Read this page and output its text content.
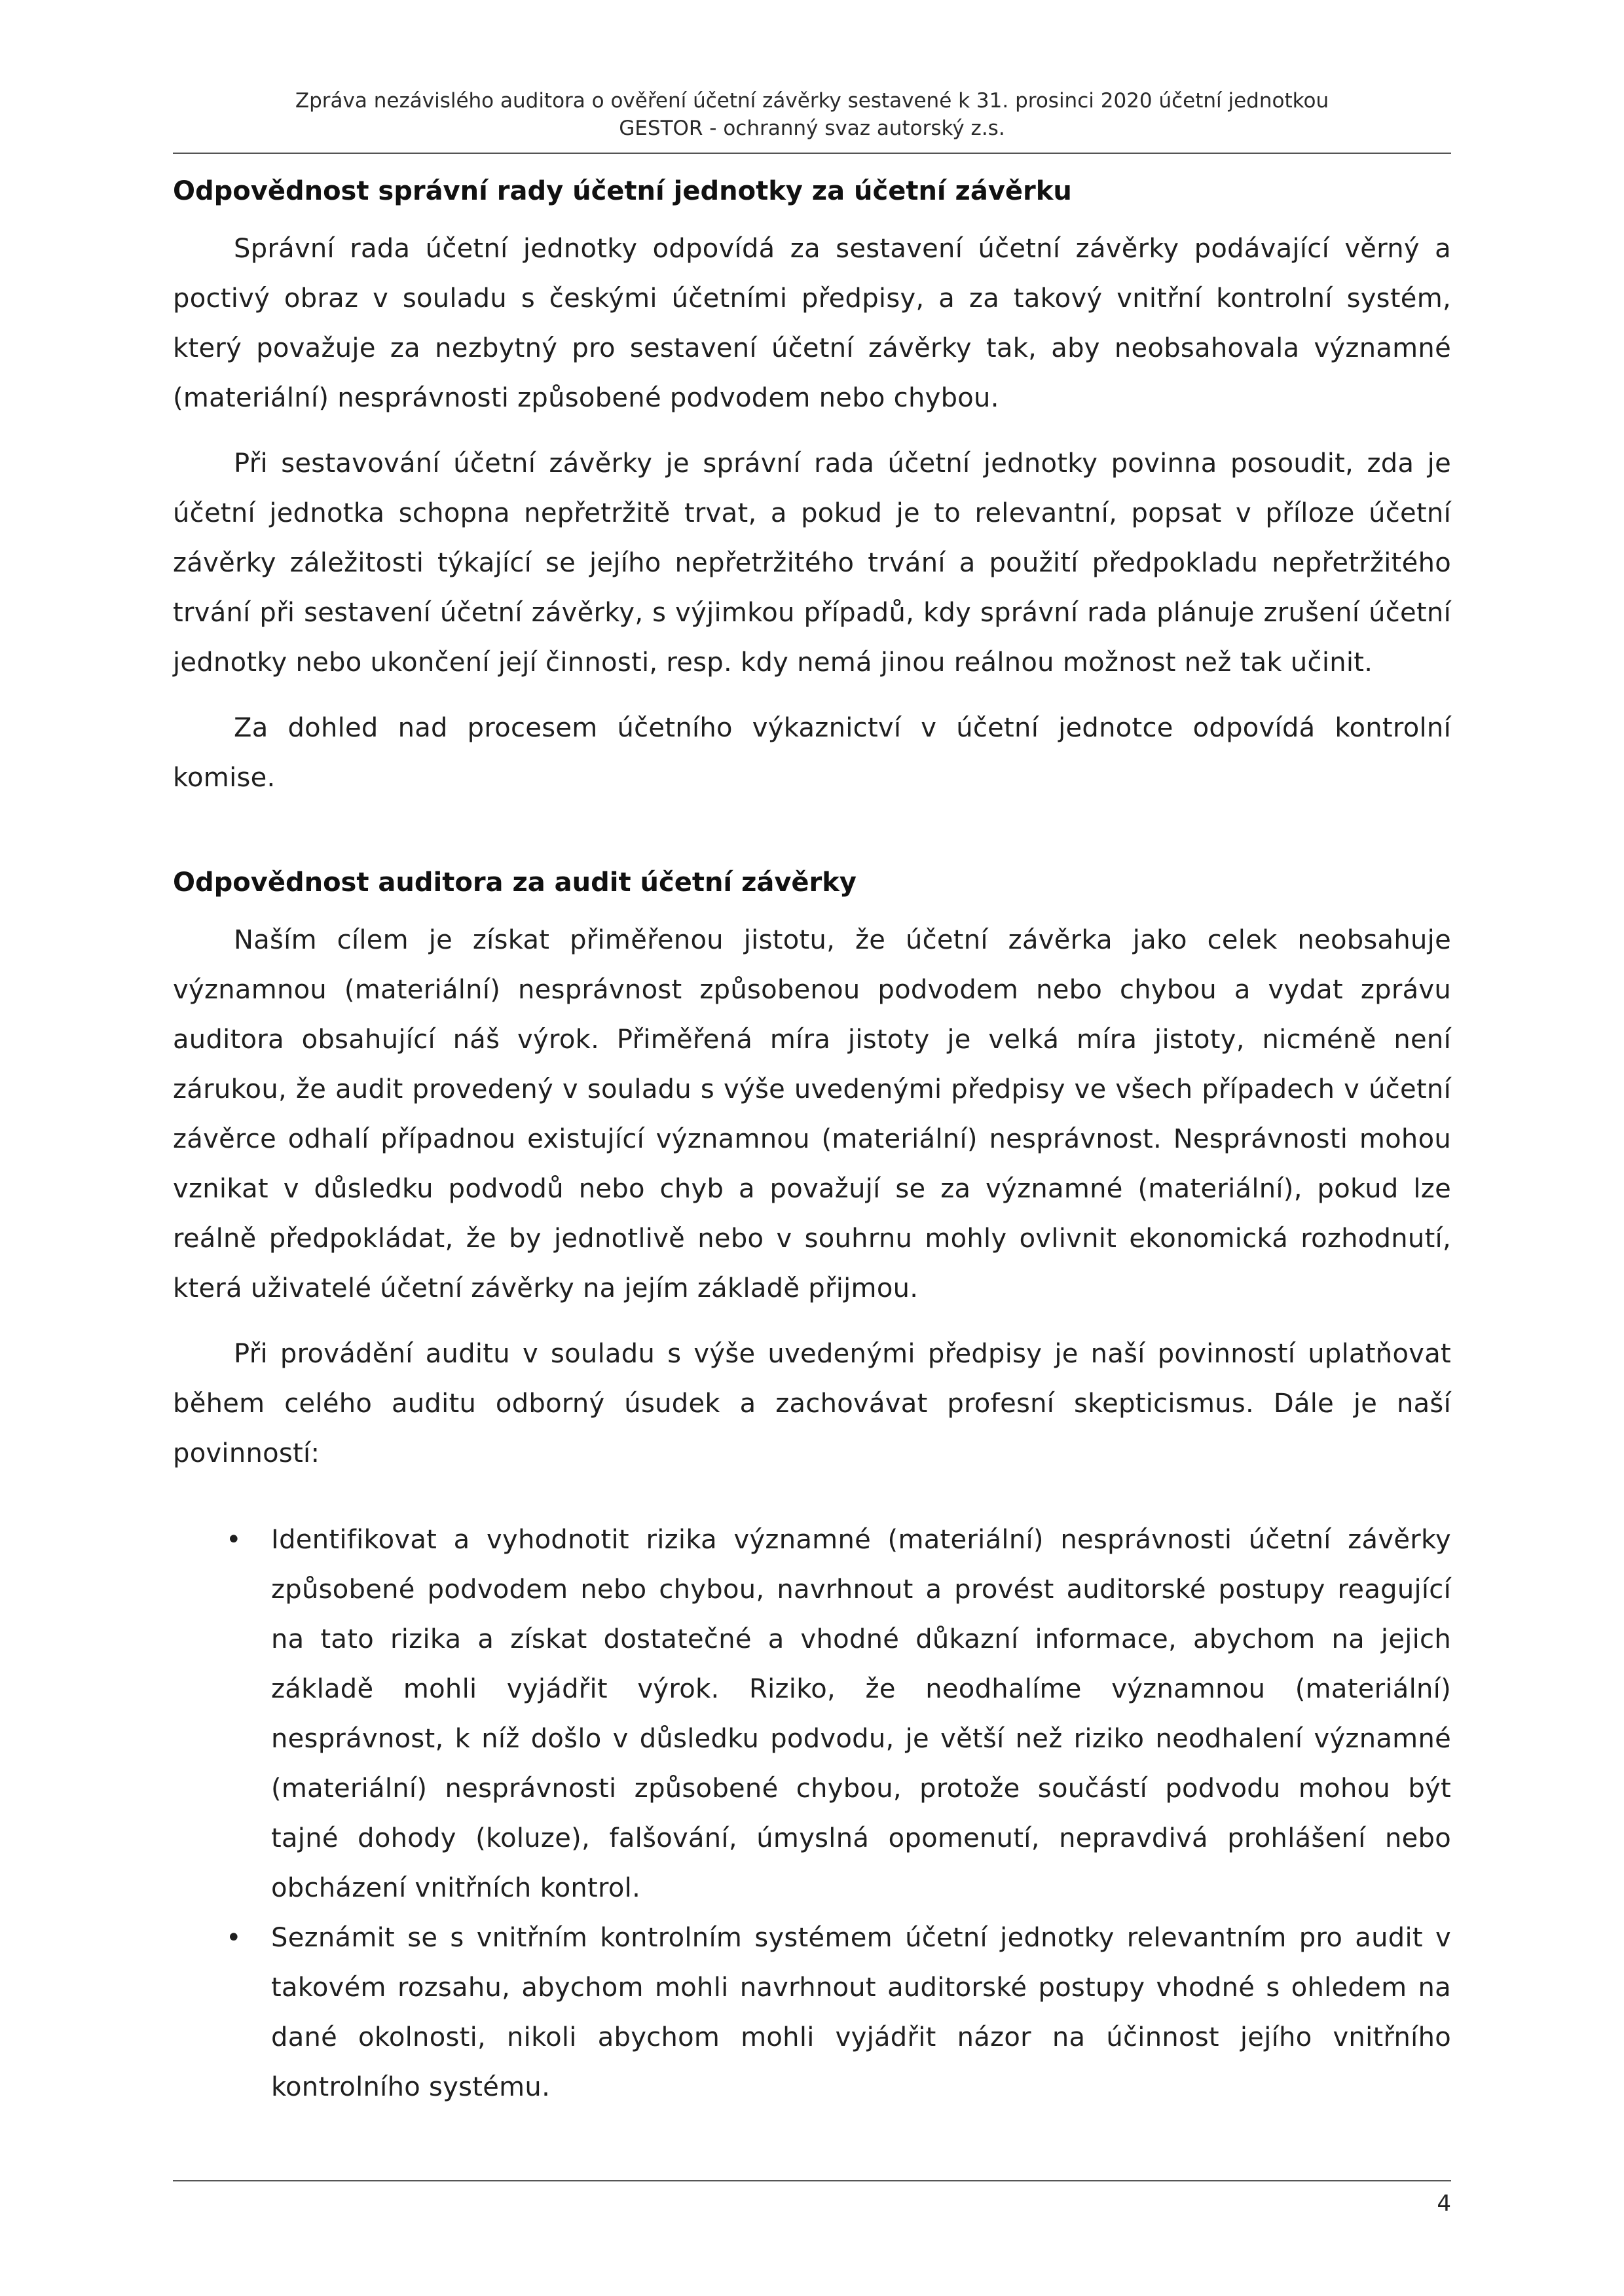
Zpráva nezávislého auditora o ověření účetní závěrky sestavené k 31. prosinci 2020 účetní jednotkou
GESTOR - ochranný svaz autorský z.s.
Odpovědnost správní rady účetní jednotky za účetní závěrku

Správní rada účetní jednotky odpovídá za sestavení účetní závěrky podávající věrný a poctivý obraz v souladu s českými účetními předpisy, a za takový vnitřní kontrolní systém, který považuje za nezbytný pro sestavení účetní závěrky tak, aby neobsahovala významné (materiální) nesprávnosti způsobené podvodem nebo chybou.

Při sestavování účetní závěrky je správní rada účetní jednotky povinna posoudit, zda je účetní jednotka schopna nepřetržitě trvat, a pokud je to relevantní, popsat v příloze účetní závěrky záležitosti týkající se jejího nepřetržitého trvání a použití předpokladu nepřetržitého trvání při sestavení účetní závěrky, s výjimkou případů, kdy správní rada plánuje zrušení účetní jednotky nebo ukončení její činnosti, resp. kdy nemá jinou reálnou možnost než tak učinit.

Za dohled nad procesem účetního výkaznictví v účetní jednotce odpovídá kontrolní komise.

Odpovědnost auditora za audit účetní závěrky

Naším cílem je získat přiměřenou jistotu, že účetní závěrka jako celek neobsahuje významnou (materiální) nesprávnost způsobenou podvodem nebo chybou a vydat zprávu auditora obsahující náš výrok. Přiměřená míra jistoty je velká míra jistoty, nicméně není zárukou, že audit provedený v souladu s výše uvedenými předpisy ve všech případech v účetní závěrce odhalí případnou existující významnou (materiální) nesprávnost. Nesprávnosti mohou vznikat v důsledku podvodů nebo chyb a považují se za významné (materiální), pokud lze reálně předpokládat, že by jednotlivě nebo v souhrnu mohly ovlivnit ekonomická rozhodnutí, která uživatelé účetní závěrky na jejím základě přijmou.

Při provádění auditu v souladu s výše uvedenými předpisy je naší povinností uplatňovat během celého auditu odborný úsudek a zachovávat profesní skepticismus. Dále je naší povinností:

• Identifikovat a vyhodnotit rizika významné (materiální) nesprávnosti účetní závěrky způsobené podvodem nebo chybou, navrhnout a provést auditorské postupy reagující na tato rizika a získat dostatečné a vhodné důkazní informace, abychom na jejich základě mohli vyjádřit výrok. Riziko, že neodhalíme významnou (materiální) nesprávnost, k níž došlo v důsledku podvodu, je větší než riziko neodhalení významné (materiální) nesprávnosti způsobené chybou, protože součástí podvodu mohou být tajné dohody (koluze), falšování, úmyslná opomenutí, nepravdivá prohlášení nebo obcházení vnitřních kontrol.
• Seznámit se s vnitřním kontrolním systémem účetní jednotky relevantním pro audit v takovém rozsahu, abychom mohli navrhnout auditorské postupy vhodné s ohledem na dané okolnosti, nikoli abychom mohli vyjádřit názor na účinnost jejího vnitřního kontrolního systému.
4
